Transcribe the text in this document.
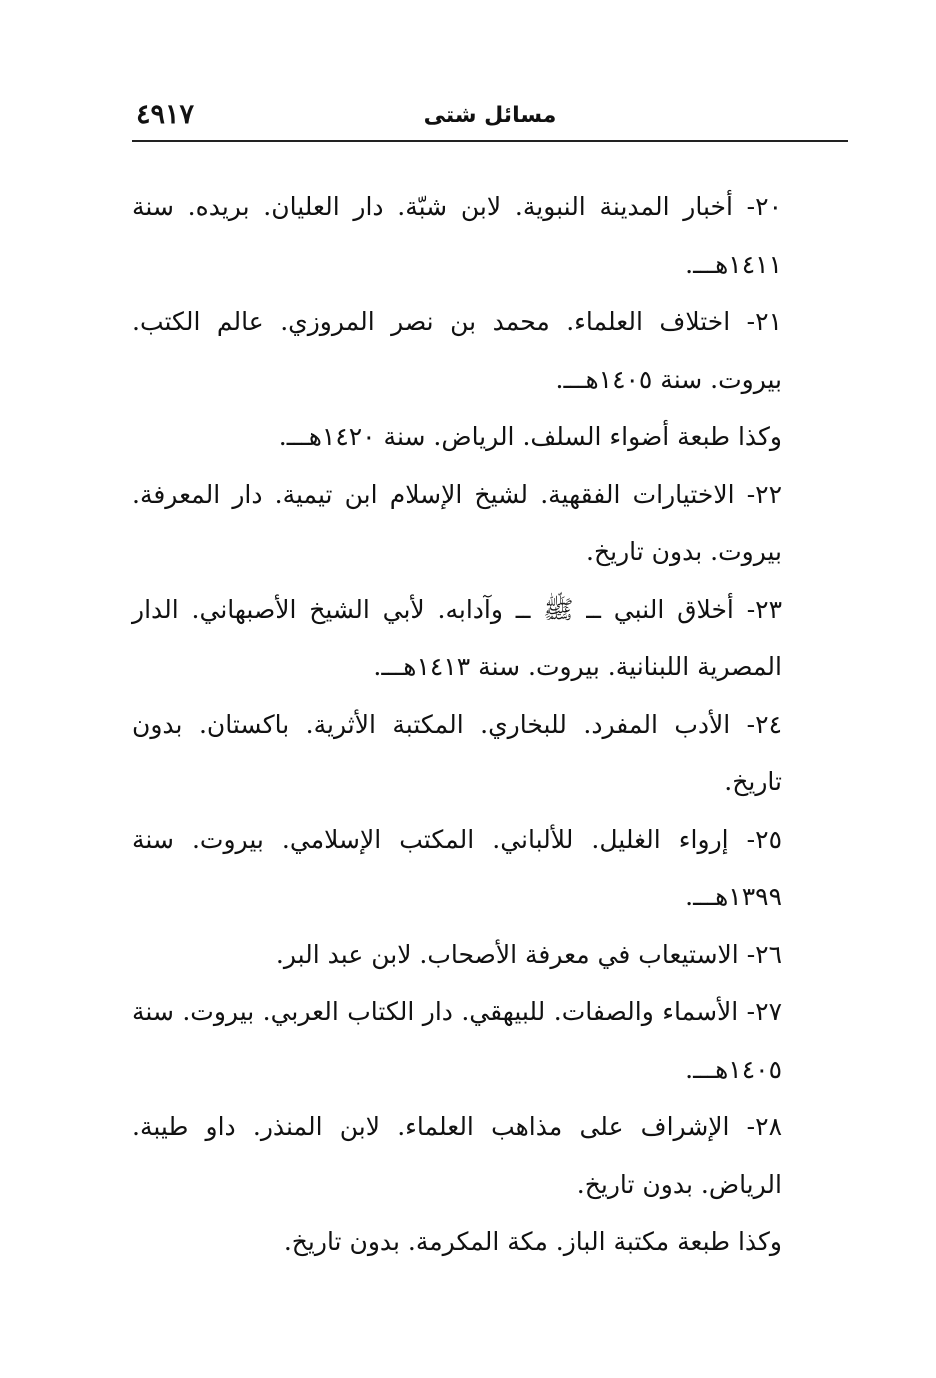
٤٩١٧	مسائل شتى

٢٠- أخبار المدينة النبوية. لابن شبّة. دار العليان. بريده. سنة ١٤١١هـــ.

٢١- اختلاف العلماء. محمد بن نصر المروزي. عالم الكتب. بيروت. سنة ١٤٠٥هـــ.

وكذا طبعة أضواء السلف. الرياض. سنة ١٤٢٠هـــ.

٢٢- الاختيارات الفقهية. لشيخ الإسلام ابن تيمية. دار المعرفة. بيروت. بدون تاريخ.

٢٣- أخلاق النبي ــ ﷺ ــ وآدابه. لأبي الشيخ الأصبهاني. الدار المصرية اللبنانية. بيروت. سنة ١٤١٣هـــ.

٢٤- الأدب المفرد. للبخاري. المكتبة الأثرية. باكستان. بدون تاريخ.

٢٥- إرواء الغليل. للألباني. المكتب الإسلامي. بيروت. سنة ١٣٩٩هـــ.

٢٦- الاستيعاب في معرفة الأصحاب. لابن عبد البر.

٢٧- الأسماء والصفات. للبيهقي. دار الكتاب العربي. بيروت. سنة ١٤٠٥هـــ.

٢٨- الإشراف على مذاهب العلماء. لابن المنذر. داو طيبة. الرياض. بدون تاريخ.

وكذا طبعة مكتبة الباز. مكة المكرمة. بدون تاريخ.
